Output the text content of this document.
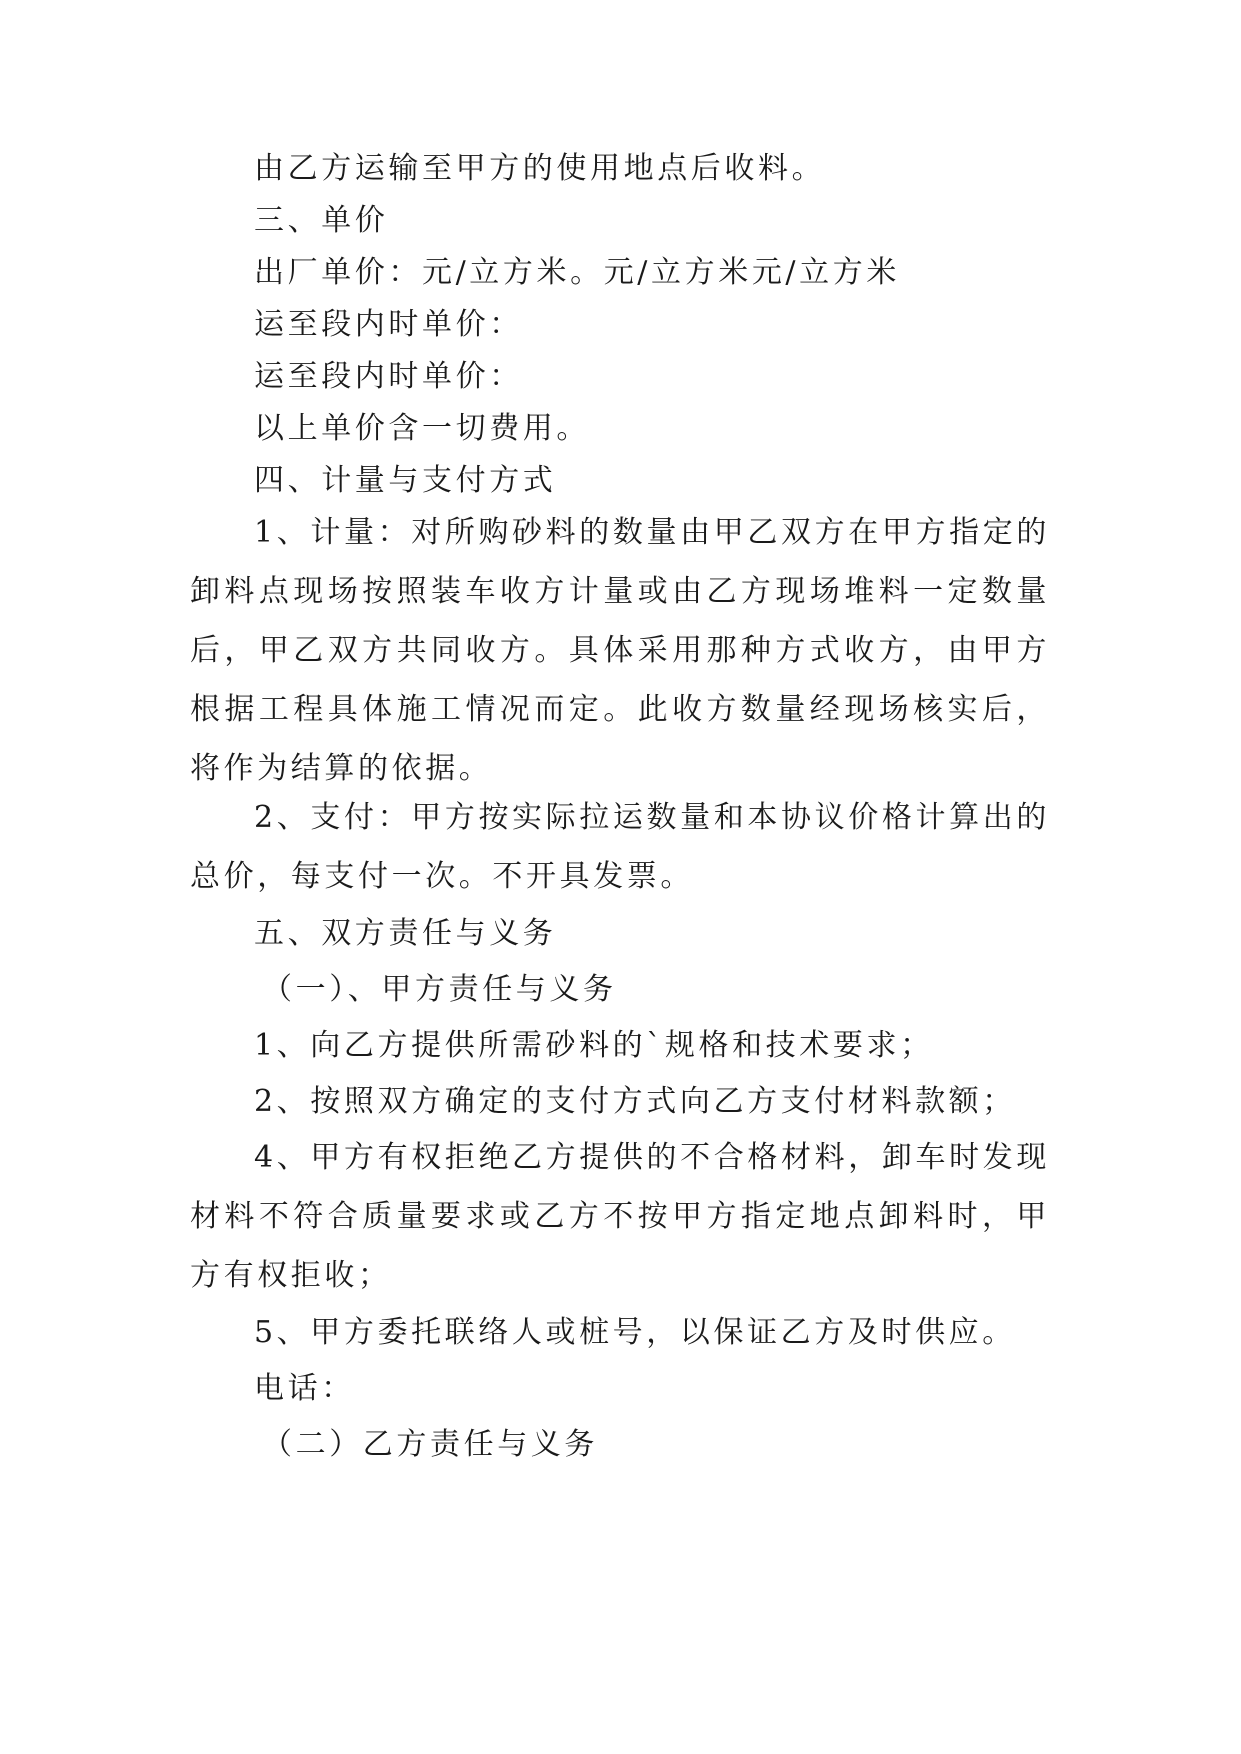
由乙方运输至甲方的使用地点后收料。

三、单价

出厂单价：元/立方米。元/立方米元/立方米

运至段内时单价：

运至段内时单价：

以上单价含一切费用。

四、计量与支付方式

1、计量：对所购砂料的数量由甲乙双方在甲方指定的卸料点现场按照装车收方计量或由乙方现场堆料一定数量后，甲乙双方共同收方。具体采用那种方式收方，由甲方根据工程具体施工情况而定。此收方数量经现场核实后，将作为结算的依据。

2、支付：甲方按实际拉运数量和本协议价格计算出的总价，每支付一次。不开具发票。

五、双方责任与义务

（一）、甲方责任与义务

1、向乙方提供所需砂料的`规格和技术要求；

2、按照双方确定的支付方式向乙方支付材料款额；

4、甲方有权拒绝乙方提供的不合格材料，卸车时发现材料不符合质量要求或乙方不按甲方指定地点卸料时，甲方有权拒收；

5、甲方委托联络人或桩号，以保证乙方及时供应。

电话：

（二）乙方责任与义务
